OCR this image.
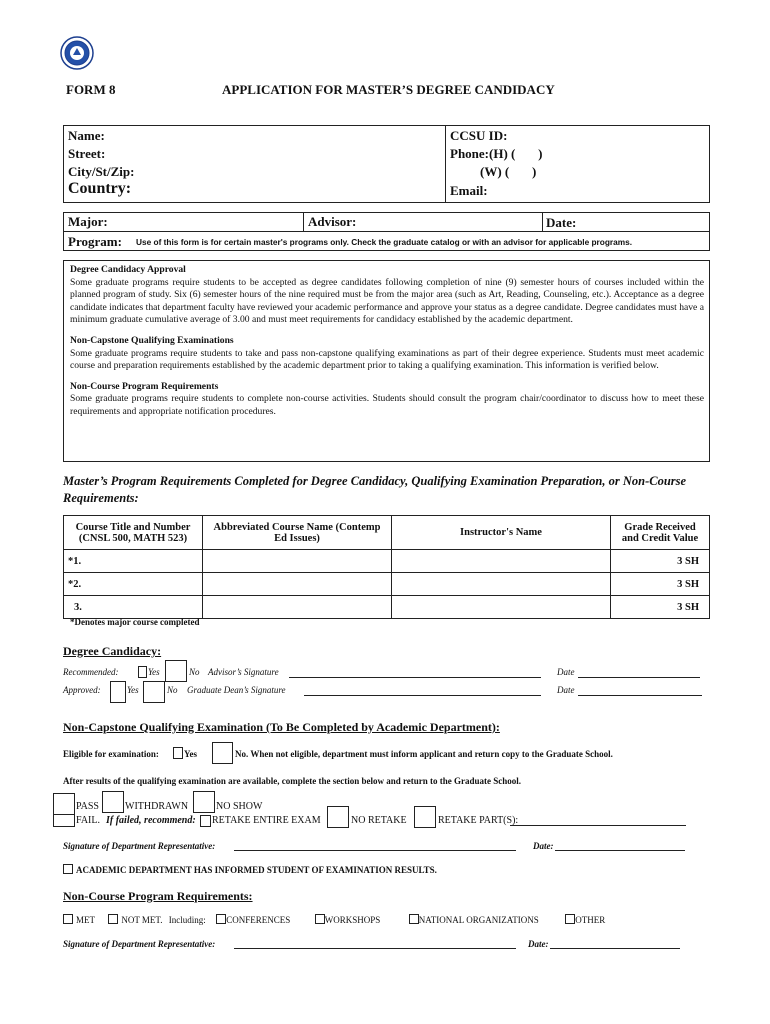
FORM 8	APPLICATION FOR MASTER’S DEGREE CANDIDACY
Name:
Street:
City/St/Zip:
Country:
CCSU ID:
Phone:(H) (       )
(W) (       )
Email:
Major:	Advisor:	Date:
Program: Use of this form is for certain master's programs only. Check the graduate catalog or with an advisor for applicable programs.

Degree Candidacy Approval

Some graduate programs require students to be accepted as degree candidates following completion of nine (9) semester hours of courses included within the planned program of study. Six (6) semester hours of the nine required must be from the major area (such as Art, Reading, Counseling, etc.). Acceptance as a degree candidate indicates that department faculty have reviewed your academic performance and approve your status as a degree candidate. Degree candidates must have a minimum graduate cumulative average of 3.00 and must meet requirements for candidacy established by the academic department.

Non-Capstone Qualifying Examinations

Some graduate programs require students to take and pass non-capstone qualifying examinations as part of their degree experience. Students must meet academic course and preparation requirements established by the academic department prior to taking a qualifying examination. This information is verified below.

Non-Course Program Requirements

Some graduate programs require students to complete non-course activities. Students should consult the program chair/coordinator to discuss how to meet these requirements and appropriate notification procedures.

Master’s Program Requirements Completed for Degree Candidacy, Qualifying Examination Preparation, or Non-Course Requirements:
Course Title and Number (CNSL 500, MATH 523)	Abbreviated Course Name (Contemp Ed Issues)	Instructor's Name	Grade Received and Credit Value
*1.			3 SH
*2.			3 SH
3.			3 SH
*Denotes major course completed
Degree Candidacy:
Recommended:	Yes	No Advisor’s Signature	Date
Approved:	Yes	No Graduate Dean’s Signature	Date
Non-Capstone Qualifying Examination (To Be Completed by Academic Department):
Eligible for examination:	Yes	No. When not eligible, department must inform applicant and return copy to the Graduate School.
After results of the qualifying examination are available, complete the section below and return to the Graduate School.
PASS	WITHDRAWN	NO SHOW
FAIL. If failed, recommend: RETAKE ENTIRE EXAM	NO RETAKE	RETAKE PART(S):
Signature of Department Representative:	Date:
ACADEMIC DEPARTMENT HAS INFORMED STUDENT OF EXAMINATION RESULTS.
Non-Course Program Requirements:
MET	NOT MET. Including: CONFERENCES	WORKSHOPS	NATIONAL ORGANIZATIONS	OTHER
Signature of Department Representative:	Date:
